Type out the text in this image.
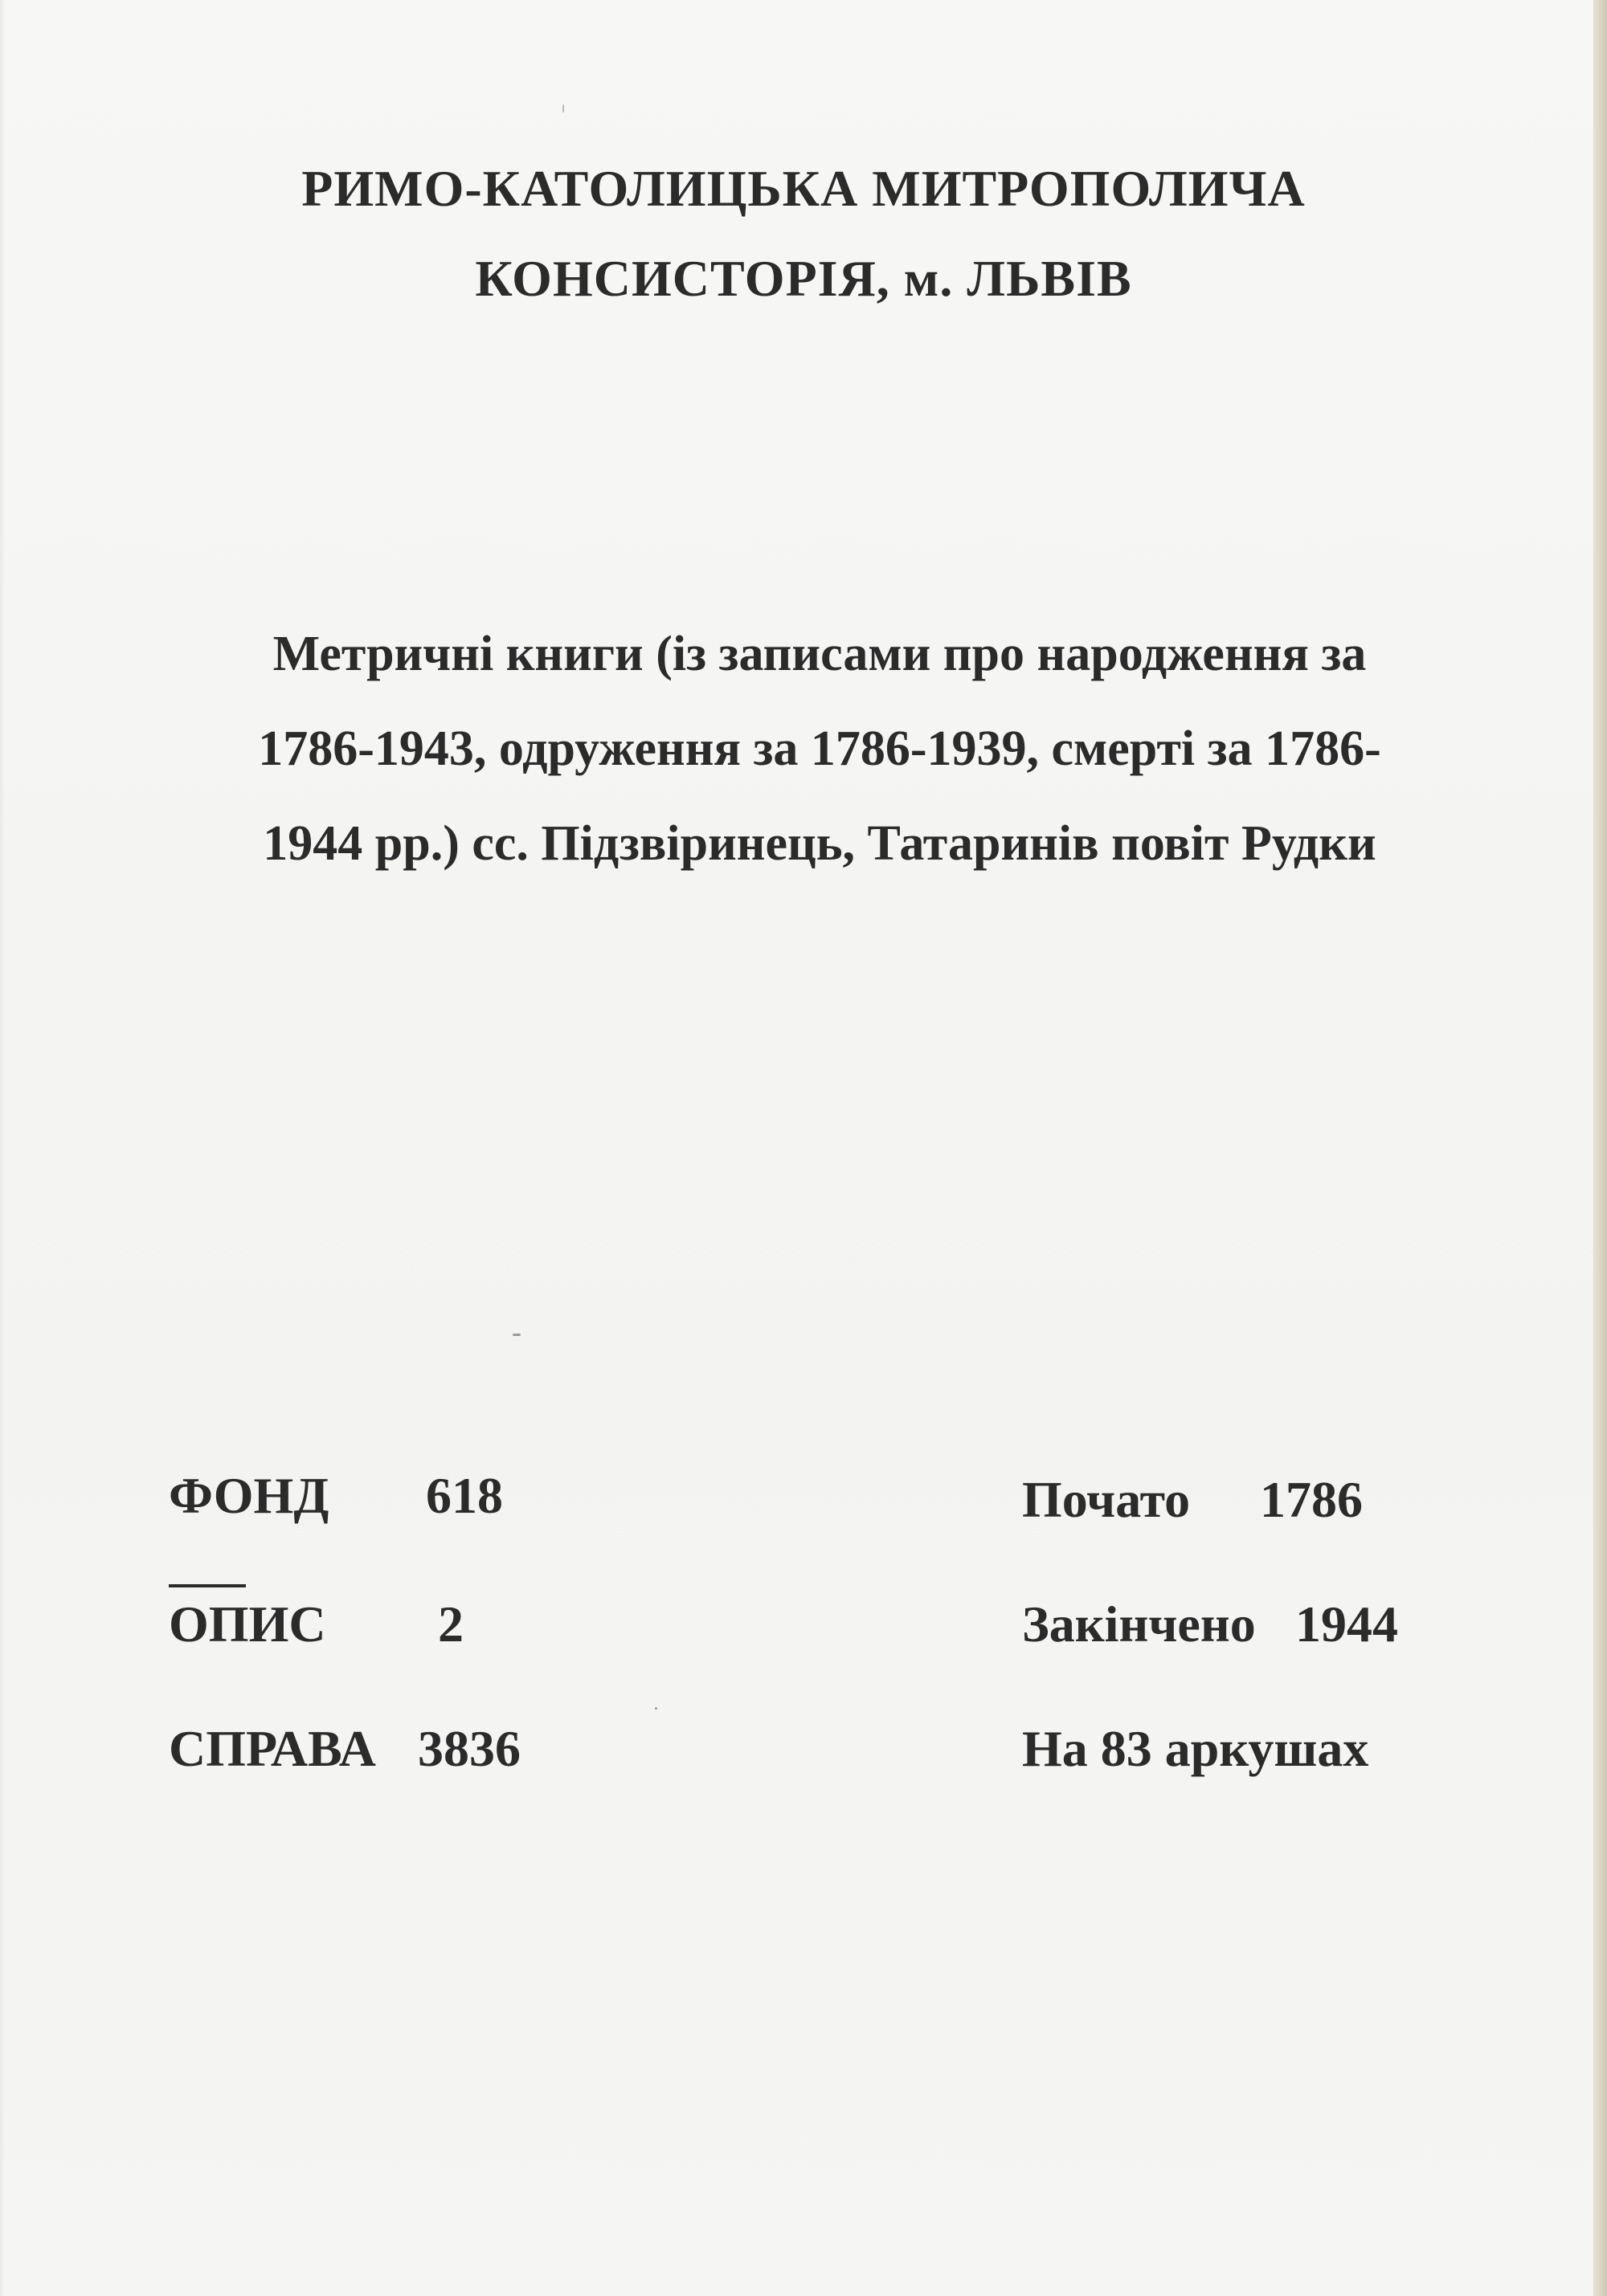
РИМО-КАТОЛИЦЬКА МИТРОПОЛИЧА
КОНСИСТОРІЯ, м. ЛЬВІВ

Метричні книги (із записами про народження за

1786-1943, одруження за 1786-1939, смерті за 1786-

1944 рр.) сс. Підзвіринець, Татаринів повіт Рудки

ФОНД 618
ОПИС 2
СПРАВА 3836
Почато 1786
Закінчено 1944
На 83 аркушах
